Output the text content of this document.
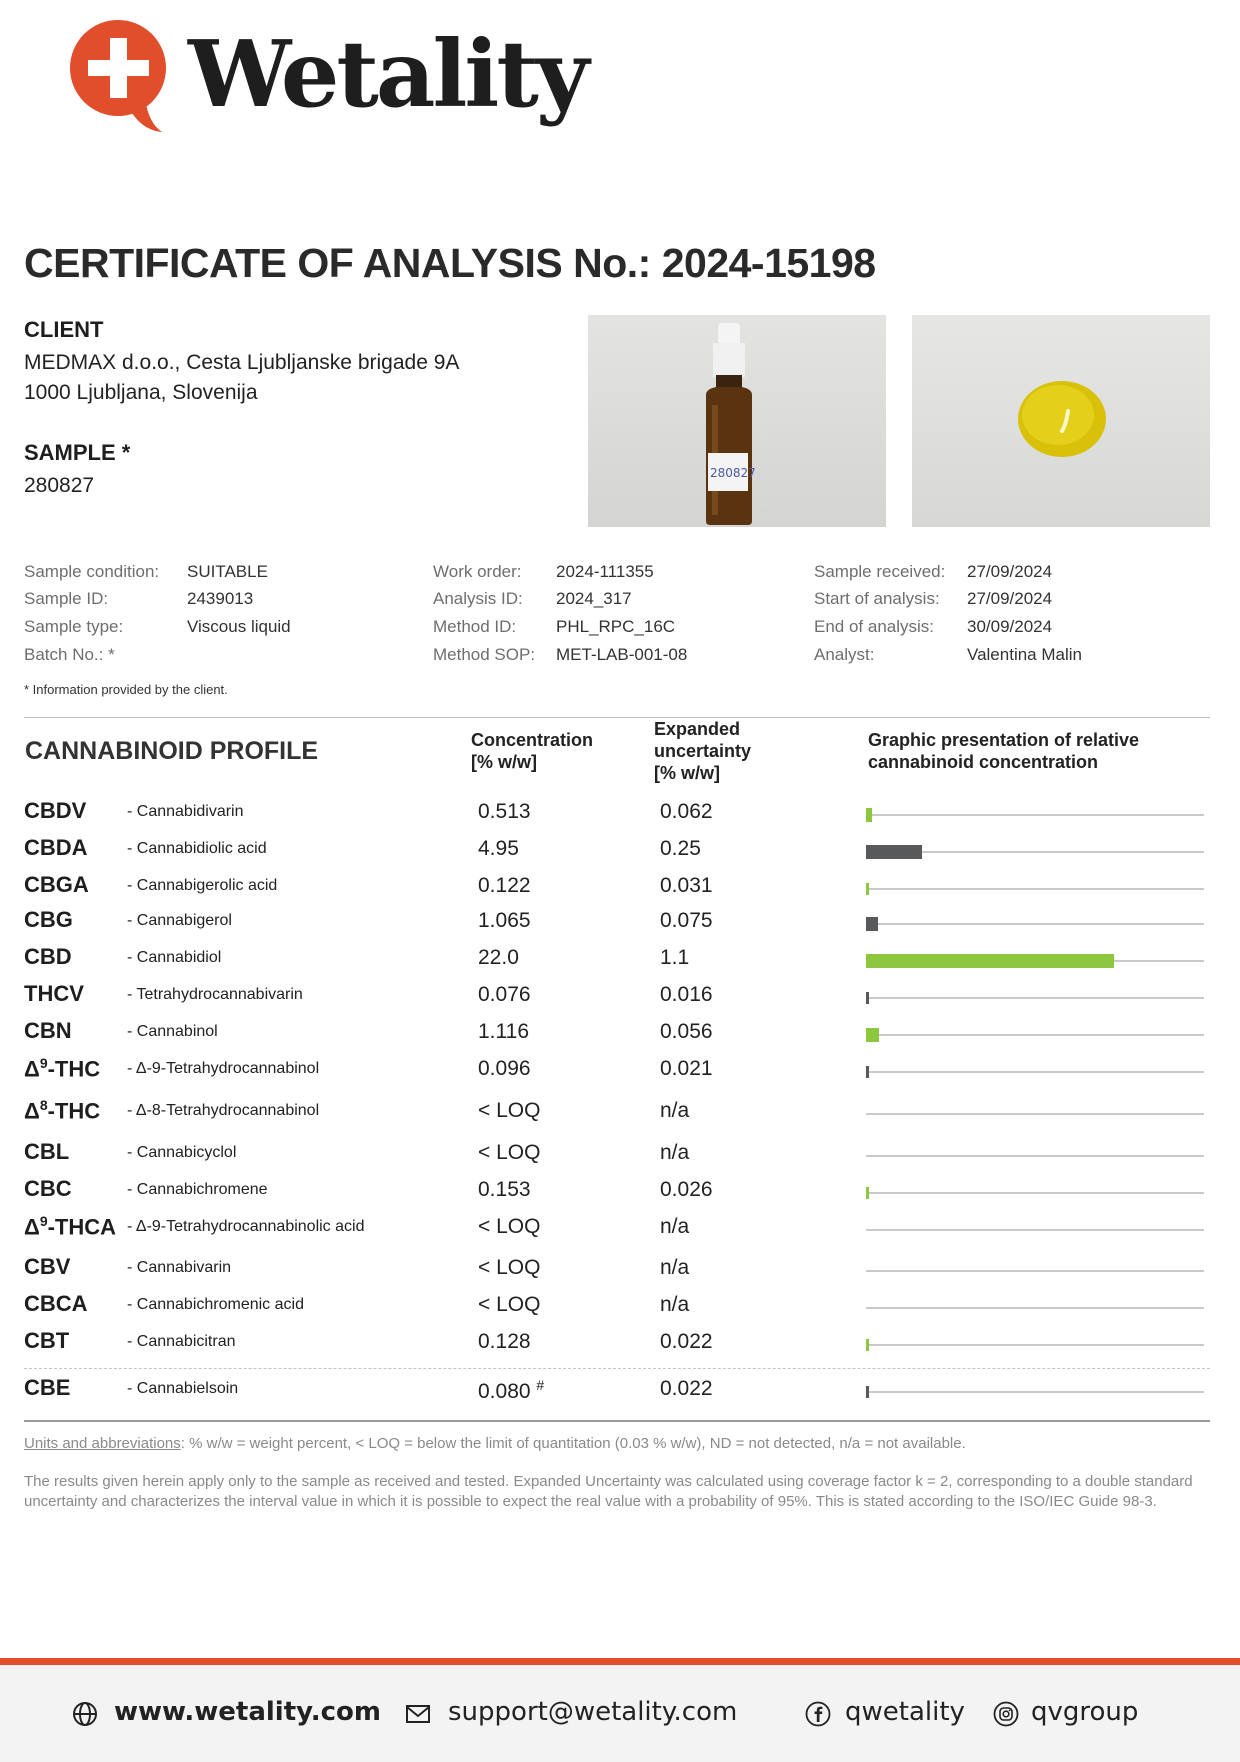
Wetality
CERTIFICATE OF ANALYSIS No.: 2024-15198
CLIENT
MEDMAX d.o.o., Cesta Ljubljanske brigade 9A
1000 Ljubljana, Slovenija
SAMPLE *
280827
280827
Sample condition: SUITABLE
Sample ID:	2439013
Sample type:	Viscous liquid
Batch No.: *
Work order: 2024-111355
Analysis ID: 2024_317
Method ID: PHL_RPC_16C
Method SOP: MET-LAB-001-08
Sample received: 27/09/2024
Start of analysis: 27/09/2024
End of analysis: 30/09/2024
Analyst:	Valentina Malin
* Information provided by the client.
CANNABINOID PROFILE	Concentration
[% w/w]
Expanded
uncertainty
[% w/w]
Graphic presentation of relative
cannabinoid concentration
CBDV	- Cannabidivarin	0.513	0.062
CBDA - Cannabidiolic acid	4.95	0.25
CBGA - Cannabigerolic acid	0.122	0.031
CBG	- Cannabigerol	1.065	0.075
CBD	- Cannabidiol	22.0	1.1
THCV	- Tetrahydrocannabivarin	0.076	0.016
CBN	- Cannabinol	1.116	0.056
$\Delta^9$-THC - Δ-9-Tetrahydrocannabinol	0.096	0.021
$\Delta^8$-THC - Δ-8-Tetrahydrocannabinol	< LOQ	n/a
CBL	- Cannabicyclol	< LOQ	n/a
CBC	- Cannabichromene	0.153	0.026
$\Delta^9$-THCA - Δ-9-Tetrahydrocannabinolic acid	< LOQ	n/a
CBV	- Cannabivarin	< LOQ	n/a
CBCA - Cannabichromenic acid	< LOQ	n/a
CBT	- Cannabicitran	0.128	0.022
CBE	- Cannabielsoin	0.080 #	0.022
Units and abbreviations: % w/w = weight percent, < LOQ = below the limit of quantitation (0.03 % w/w), ND = not detected, n/a = not available.
The results given herein apply only to the sample as received and tested. Expanded Uncertainty was calculated using coverage factor k = 2, corresponding to a double standard uncertainty and characterizes the interval value in which it is possible to expect the real value with a probability of 95%. This is stated according to the ISO/IEC Guide 98-3.
www.wetality.com	support@wetality.com	qwetality	qvgroup
